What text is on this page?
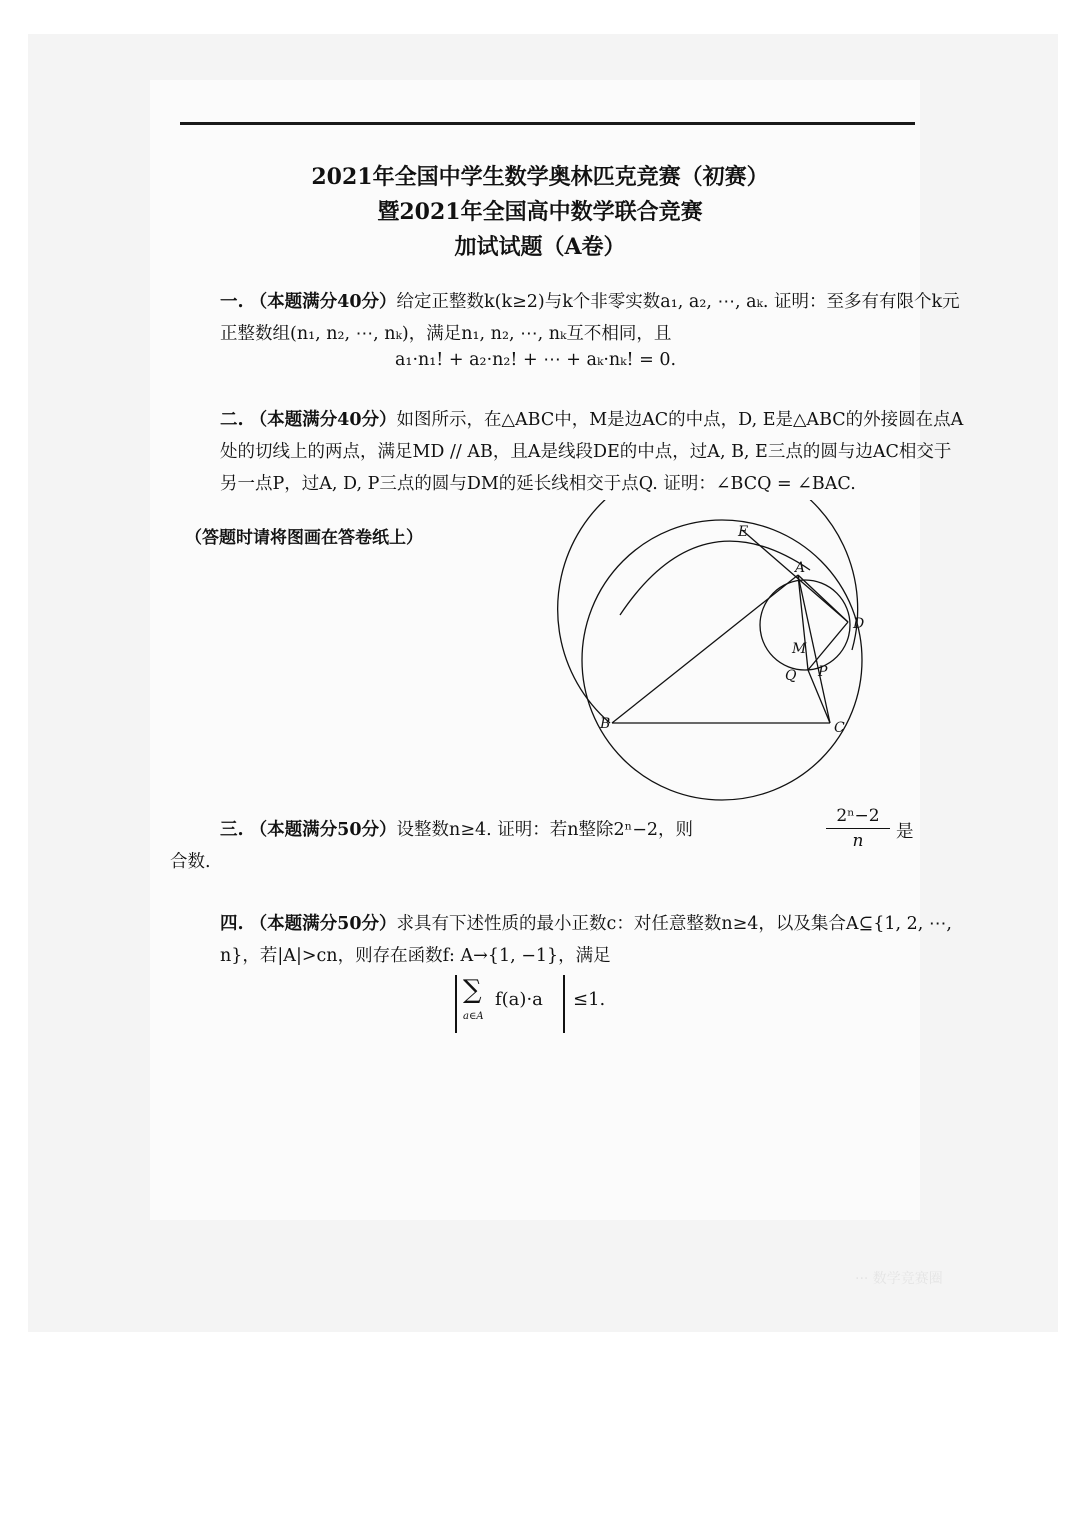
2021年全国中学生数学奥林匹克竞赛（初赛）
暨2021年全国高中数学联合竞赛
加试试题（A卷）
一. （本题满分40分）给定正整数k(k≥2)与k个非零实数a₁, a₂, ⋯, aₖ. 证明：至多有有限个k元正整数组(n₁, n₂, ⋯, nₖ)，满足n₁, n₂, ⋯, nₖ互不相同，且
a₁·n₁! + a₂·n₂! + ⋯ + aₖ·nₖ! = 0.
二. （本题满分40分）如图所示，在△ABC中，M是边AC的中点，D, E是△ABC的外接圆在点A处的切线上的两点，满足MD // AB，且A是线段DE的中点，过A, B, E三点的圆与边AC相交于另一点P，过A, D, P三点的圆与DM的延长线相交于点Q. 证明：∠BCQ = ∠BAC.
（答题时请将图画在答卷纸上）	E
A
D
M
Q P
B	C
三. （本题满分50分）设整数n≥4. 证明：若n整除2ⁿ−2，则
合数.
$\frac{\text{2ⁿ−2}}{n}$ 是
四. （本题满分50分）求具有下述性质的最小正数c：对任意整数n≥4，以及集合A⊆{1, 2, ⋯, n}，若|A|>cn，则存在函数f: A→{1, −1}，满足
∑
a∈A
f(a)·a ≤1.
··· 数学竞赛圈
